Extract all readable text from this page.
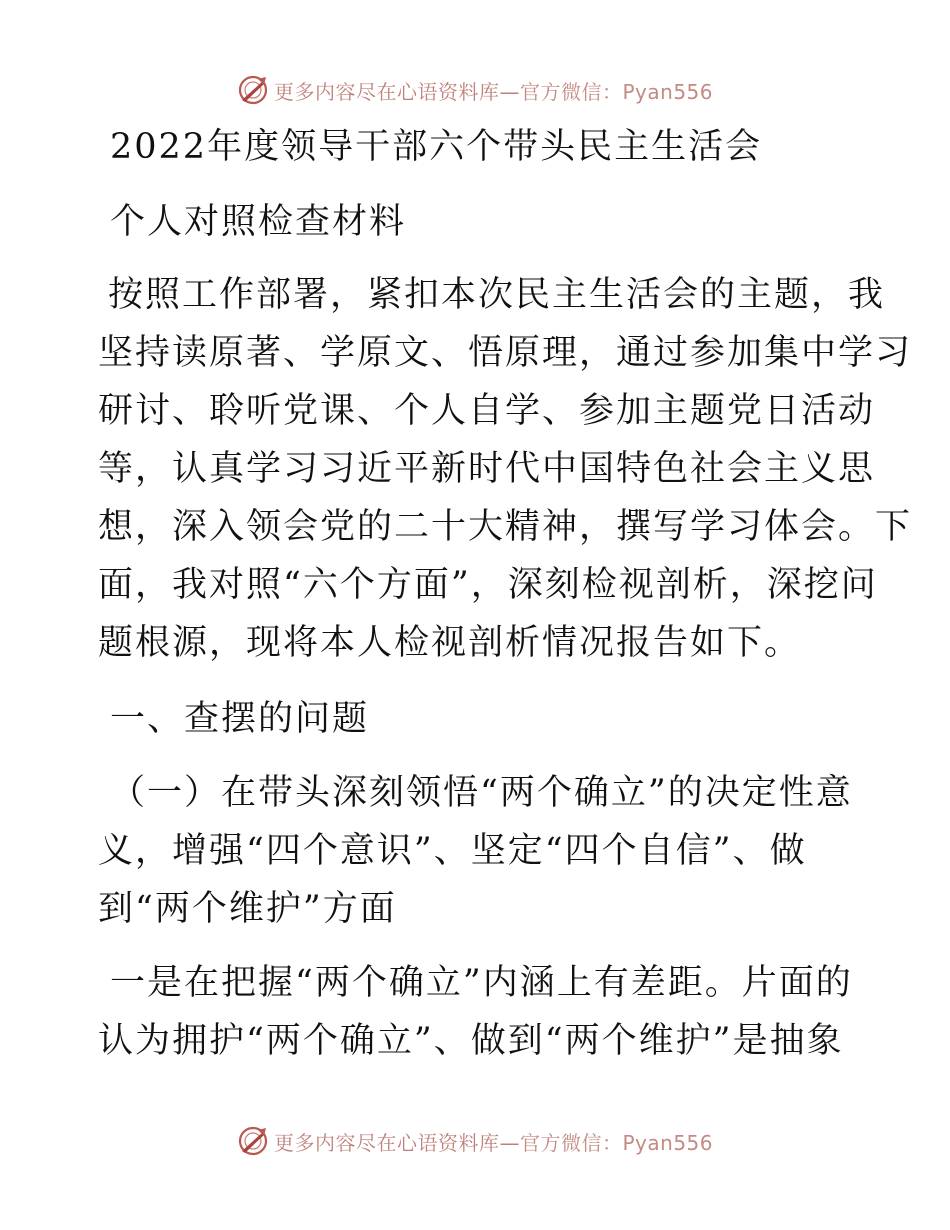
更多内容尽在心语资料库—官方微信：Pyan556
2022年度领导干部六个带头民主生活会
个人对照检查材料
按照工作部署，紧扣本次民主生活会的主题，我
坚持读原著、学原文、悟原理，通过参加集中学习
研讨、聆听党课、个人自学、参加主题党日活动
等，认真学习习近平新时代中国特色社会主义思
想，深入领会党的二十大精神，撰写学习体会。下
面，我对照“六个方面”，深刻检视剖析，深挖问
题根源，现将本人检视剖析情况报告如下。
一、查摆的问题
（一）在带头深刻领悟“两个确立”的决定性意
义，增强“四个意识”、坚定“四个自信”、做
到“两个维护”方面
一是在把握“两个确立”内涵上有差距。片面的
认为拥护“两个确立”、做到“两个维护”是抽象
更多内容尽在心语资料库—官方微信：Pyan556
